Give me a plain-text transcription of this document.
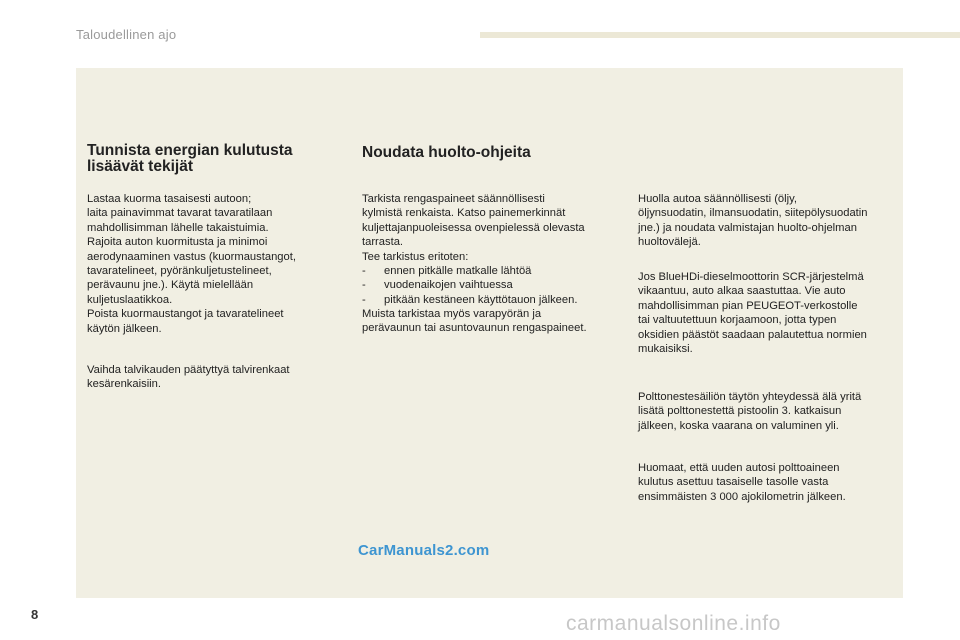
Taloudellinen ajo
Tunnista energian kulutusta
lisäävät tekijät
Lastaa kuorma tasaisesti autoon;
laita painavimmat tavarat tavaratilaan
mahdollisimman lähelle takaistuimia.
Rajoita auton kuormitusta ja minimoi
aerodynaaminen vastus (kuormaustangot,
tavaratelineet, pyöränkuljetustelineet,
perävaunu jne.). Käytä mielellään
kuljetuslaatikkoa.
Poista kuormaustangot ja tavaratelineet
käytön jälkeen.
Vaihda talvikauden päätyttyä talvirenkaat
kesärenkaisiin.
Noudata huolto-ohjeita
Tarkista rengaspaineet säännöllisesti
kylmistä renkaista. Katso painemerkinnät
kuljettajanpuoleisessa ovenpielessä olevasta
tarrasta.
Tee tarkistus eritoten:
-	ennen pitkälle matkalle lähtöä
-	vuodenaikojen vaihtuessa
-	pitkään kestäneen käyttötauon jälkeen.
Muista tarkistaa myös varapyörän ja
perävaunun tai asuntovaunun rengaspaineet.
Huolla autoa säännöllisesti (öljy,
öljynsuodatin, ilmansuodatin, siitepölysuodatin
jne.) ja noudata valmistajan huolto-ohjelman
huoltovälejä.
Jos BlueHDi-dieselmoottorin SCR-järjestelmä
vikaantuu, auto alkaa saastuttaa. Vie auto
mahdollisimman pian PEUGEOT-verkostolle
tai valtuutettuun korjaamoon, jotta typen
oksidien päästöt saadaan palautettua normien
mukaisiksi.
Polttonestesäiliön täytön yhteydessä älä yritä
lisätä polttonestettä pistoolin 3. katkaisun
jälkeen, koska vaarana on valuminen yli.
Huomaat, että uuden autosi polttoaineen
kulutus asettuu tasaiselle tasolle vasta
ensimmäisten 3 000 ajokilometrin jälkeen.
CarManuals2.com
8	carmanualsonline.info
